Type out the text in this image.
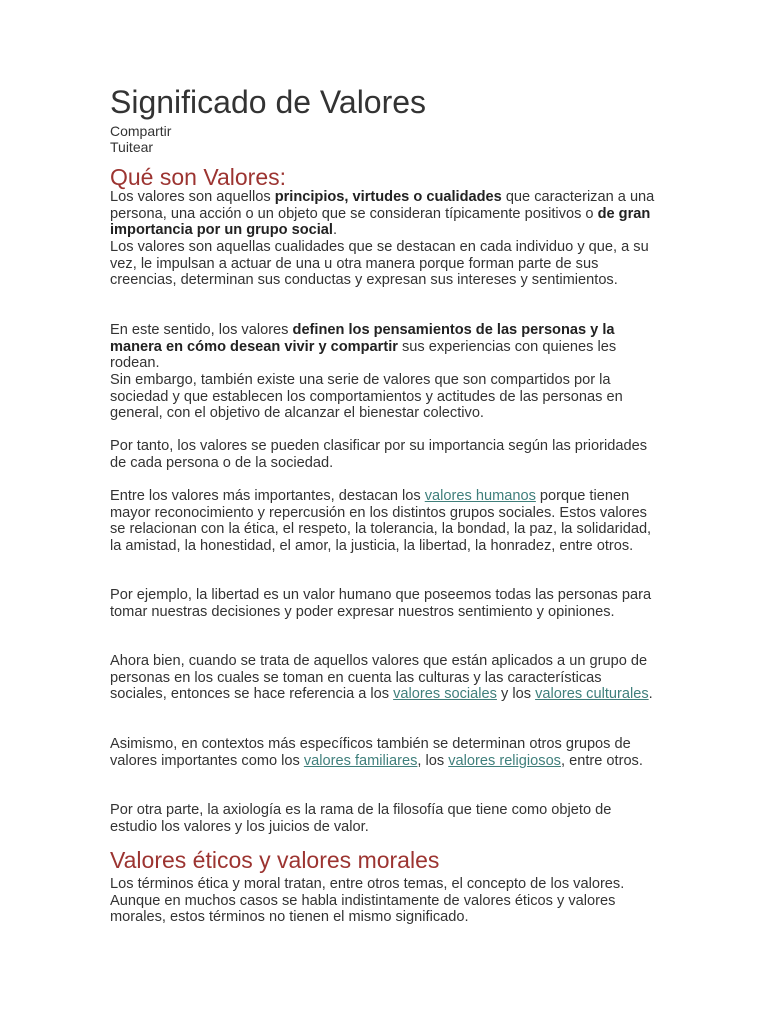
Significado de Valores
Compartir
Tuitear
Qué son Valores:
Los valores son aquellos principios, virtudes o cualidades que caracterizan a una persona, una acción o un objeto que se consideran típicamente positivos o de gran importancia por un grupo social.
Los valores son aquellas cualidades que se destacan en cada individuo y que, a su vez, le impulsan a actuar de una u otra manera porque forman parte de sus creencias, determinan sus conductas y expresan sus intereses y sentimientos.
En este sentido, los valores definen los pensamientos de las personas y la manera en cómo desean vivir y compartir sus experiencias con quienes les rodean.
Sin embargo, también existe una serie de valores que son compartidos por la sociedad y que establecen los comportamientos y actitudes de las personas en general, con el objetivo de alcanzar el bienestar colectivo.
Por tanto, los valores se pueden clasificar por su importancia según las prioridades de cada persona o de la sociedad.
Entre los valores más importantes, destacan los valores humanos porque tienen mayor reconocimiento y repercusión en los distintos grupos sociales. Estos valores se relacionan con la ética, el respeto, la tolerancia, la bondad, la paz, la solidaridad, la amistad, la honestidad, el amor, la justicia, la libertad, la honradez, entre otros.
Por ejemplo, la libertad es un valor humano que poseemos todas las personas para tomar nuestras decisiones y poder expresar nuestros sentimiento y opiniones.
Ahora bien, cuando se trata de aquellos valores que están aplicados a un grupo de personas en los cuales se toman en cuenta las culturas y las características sociales, entonces se hace referencia a los valores sociales y los valores culturales.
Asimismo, en contextos más específicos también se determinan otros grupos de valores importantes como los valores familiares, los valores religiosos, entre otros.
Por otra parte, la axiología es la rama de la filosofía que tiene como objeto de estudio los valores y los juicios de valor.
Valores éticos y valores morales
Los términos ética y moral tratan, entre otros temas, el concepto de los valores. Aunque en muchos casos se habla indistintamente de valores éticos y valores morales, estos términos no tienen el mismo significado.
